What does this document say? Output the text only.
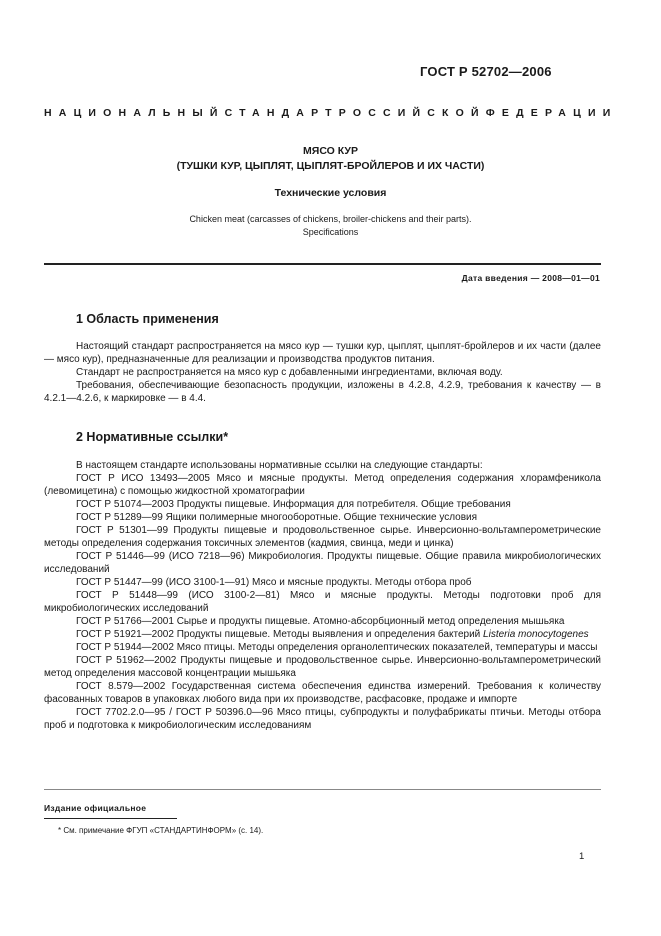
ГОСТ Р 52702—2006
НАЦИОНАЛЬНЫЙ СТАНДАРТ РОССИЙСКОЙ ФЕДЕРАЦИИ
МЯСО КУР
(ТУШКИ КУР, ЦЫПЛЯТ, ЦЫПЛЯТ-БРОЙЛЕРОВ И ИХ ЧАСТИ)
Технические условия
Chicken meat (carcasses of chickens, broiler-chickens and their parts).
Specifications
Дата введения — 2008—01—01
1 Область применения

Настоящий стандарт распространяется на мясо кур — тушки кур, цыплят, цыплят-бройлеров и их части (далее — мясо кур), предназначенные для реализации и производства продуктов питания.

Стандарт не распространяется на мясо кур с добавленными ингредиентами, включая воду.

Требования, обеспечивающие безопасность продукции, изложены в 4.2.8, 4.2.9, требования к качеству — в 4.2.1—4.2.6, к маркировке — в 4.4.

2 Нормативные ссылки*

В настоящем стандарте использованы нормативные ссылки на следующие стандарты:

ГОСТ Р ИСО 13493—2005 Мясо и мясные продукты. Метод определения содержания хлорамфеникола (левомицетина) с помощью жидкостной хроматографии

ГОСТ Р 51074—2003 Продукты пищевые. Информация для потребителя. Общие требования

ГОСТ Р 51289—99 Ящики полимерные многооборотные. Общие технические условия

ГОСТ Р 51301—99 Продукты пищевые и продовольственное сырье. Инверсионно-вольтамперометрические методы определения содержания токсичных элементов (кадмия, свинца, меди и цинка)

ГОСТ Р 51446—99 (ИСО 7218—96) Микробиология. Продукты пищевые. Общие правила микробиологических исследований

ГОСТ Р 51447—99 (ИСО 3100-1—91) Мясо и мясные продукты. Методы отбора проб

ГОСТ Р 51448—99 (ИСО 3100-2—81) Мясо и мясные продукты. Методы подготовки проб для микробиологических исследований

ГОСТ Р 51766—2001 Сырье и продукты пищевые. Атомно-абсорбционный метод определения мышьяка

ГОСТ Р 51921—2002 Продукты пищевые. Методы выявления и определения бактерий Listeria monocytogenes

ГОСТ Р 51944—2002 Мясо птицы. Методы определения органолептических показателей, температуры и массы

ГОСТ Р 51962—2002 Продукты пищевые и продовольственное сырье. Инверсионно-вольтамперометрический метод определения массовой концентрации мышьяка

ГОСТ 8.579—2002 Государственная система обеспечения единства измерений. Требования к количеству фасованных товаров в упаковках любого вида при их производстве, расфасовке, продаже и импорте

ГОСТ 7702.2.0—95 / ГОСТ Р 50396.0—96 Мясо птицы, субпродукты и полуфабрикаты птичьи. Методы отбора проб и подготовка к микробиологическим исследованиям

Издание официальное
* См. примечание ФГУП «СТАНДАРТИНФОРМ» (с. 14).
1
